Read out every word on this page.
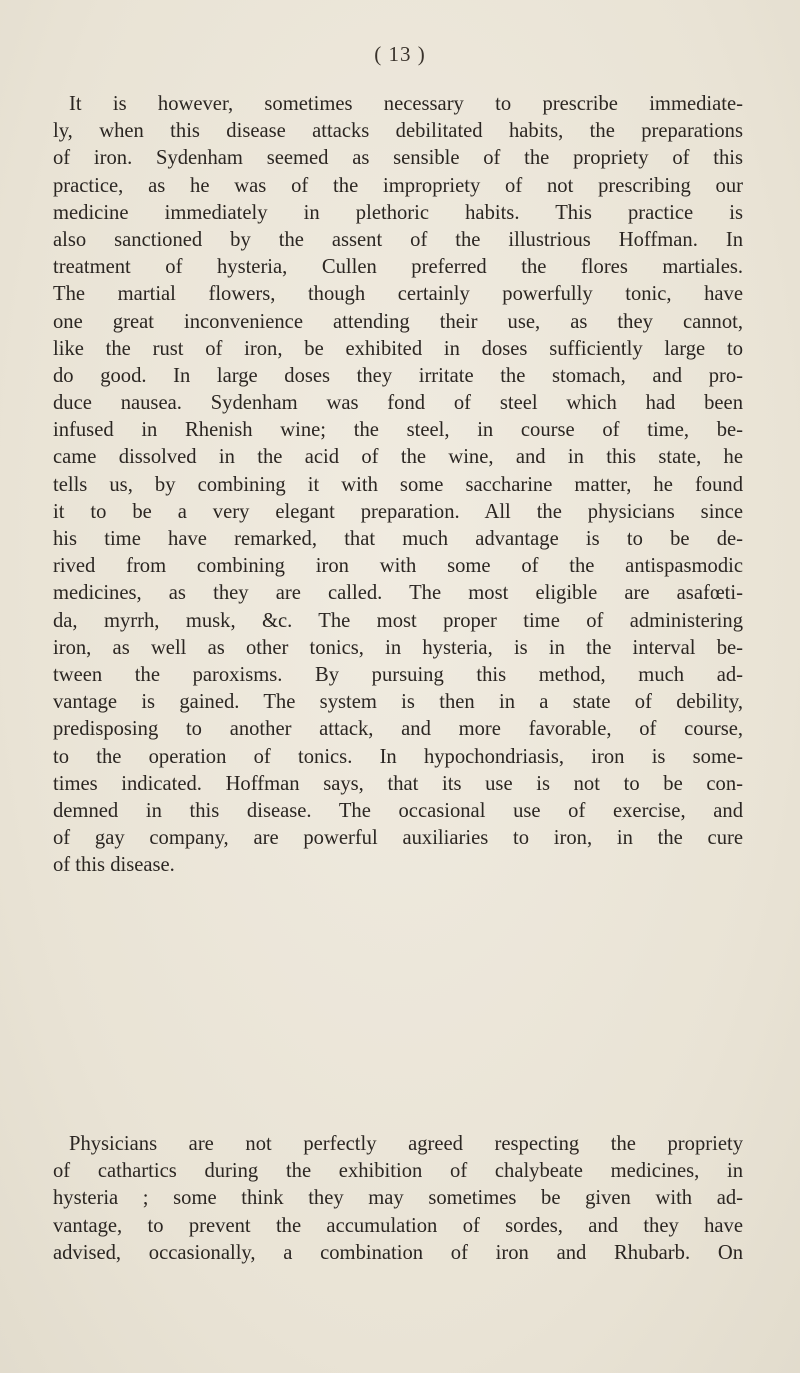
( 13 )
It is however, sometimes necessary to prescribe immediate-
ly, when this disease attacks debilitated habits, the preparations
of iron. Sydenham seemed as sensible of the propriety of this
practice, as he was of the impropriety of not prescribing our
medicine immediately in plethoric habits. This practice is
also sanctioned by the assent of the illustrious Hoffman. In
treatment of hysteria, Cullen preferred the flores martiales.
The martial flowers, though certainly powerfully tonic, have
one great inconvenience attending their use, as they cannot,
like the rust of iron, be exhibited in doses sufficiently large to
do good. In large doses they irritate the stomach, and pro-
duce nausea. Sydenham was fond of steel which had been
infused in Rhenish wine; the steel, in course of time, be-
came dissolved in the acid of the wine, and in this state, he
tells us, by combining it with some saccharine matter, he found
it to be a very elegant preparation. All the physicians since
his time have remarked, that much advantage is to be de-
rived from combining iron with some of the antispasmodic
medicines, as they are called. The most eligible are asafœti-
da, myrrh, musk, &c. The most proper time of administering
iron, as well as other tonics, in hysteria, is in the interval be-
tween the paroxisms. By pursuing this method, much ad-
vantage is gained. The system is then in a state of debility,
predisposing to another attack, and more favorable, of course,
to the operation of tonics. In hypochondriasis, iron is some-
times indicated. Hoffman says, that its use is not to be con-
demned in this disease. The occasional use of exercise, and
of gay company, are powerful auxiliaries to iron, in the cure
of this disease.
Physicians are not perfectly agreed respecting the propriety
of cathartics during the exhibition of chalybeate medicines, in
hysteria ; some think they may sometimes be given with ad-
vantage, to prevent the accumulation of sordes, and they have
advised, occasionally, a combination of iron and Rhubarb. On
